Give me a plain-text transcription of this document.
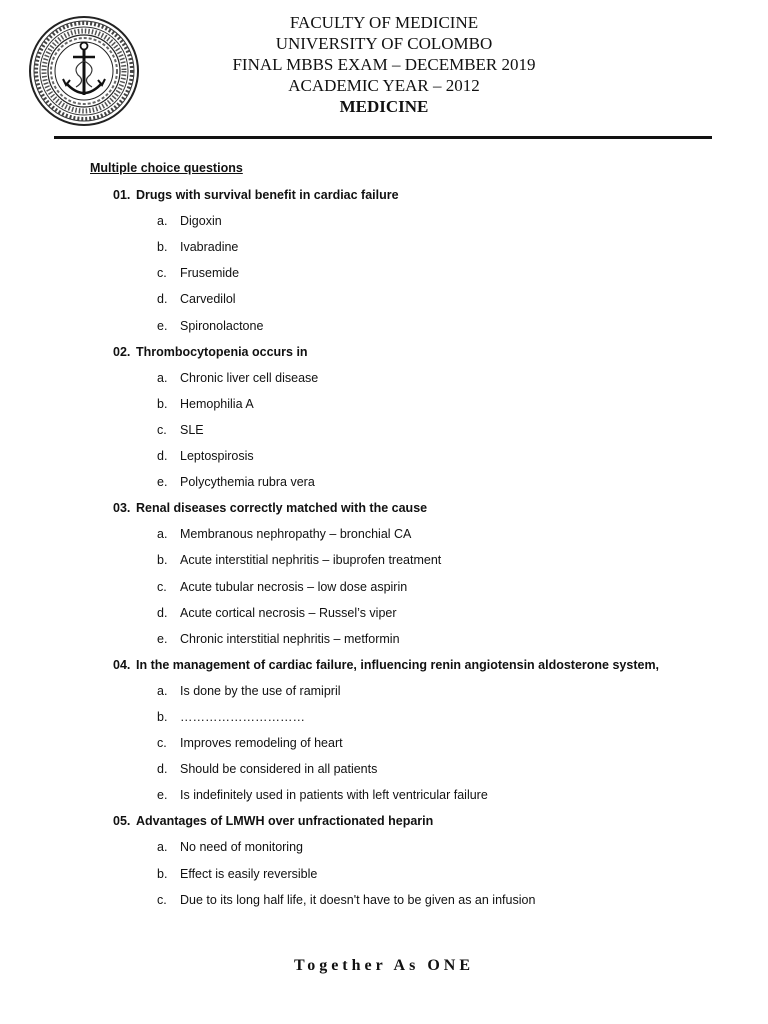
FACULTY OF MEDICINE
UNIVERSITY OF COLOMBO
FINAL MBBS EXAM – DECEMBER 2019
ACADEMIC YEAR – 2012
MEDICINE
Multiple choice questions
01. Drugs with survival benefit in cardiac failure
a. Digoxin
b. Ivabradine
c. Frusemide
d. Carvedilol
e. Spironolactone
02. Thrombocytopenia occurs in
a. Chronic liver cell disease
b. Hemophilia A
c. SLE
d. Leptospirosis
e. Polycythemia rubra vera
03. Renal diseases correctly matched with the cause
a. Membranous nephropathy – bronchial CA
b. Acute interstitial nephritis – ibuprofen treatment
c. Acute tubular necrosis – low dose aspirin
d. Acute cortical necrosis – Russel’s viper
e. Chronic interstitial nephritis – metformin
04. In the management of cardiac failure, influencing renin angiotensin aldosterone system,
a. Is done by the use of ramipril
b. …………………………
c. Improves remodeling of heart
d. Should be considered in all patients
e. Is indefinitely used in patients with left ventricular failure
05. Advantages of LMWH over unfractionated heparin
a. No need of monitoring
b. Effect is easily reversible
c. Due to its long half life, it doesn't have to be given as an infusion
Together As ONE
